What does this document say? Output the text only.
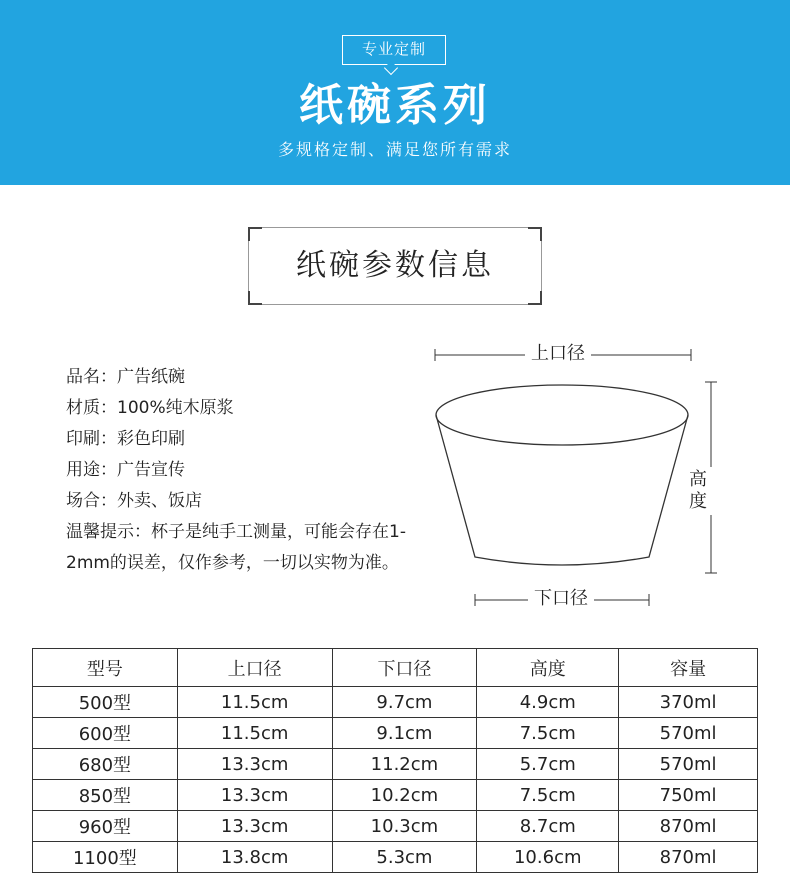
专业定制
纸碗系列
多规格定制、满足您所有需求
纸碗参数信息
品名：广告纸碗
材质：100%纯木原浆
印刷：彩色印刷
用途：广告宣传
场合：外卖、饭店
温馨提示：杯子是纯手工测量，可能会存在1-2mm的误差，仅作参考，一切以实物为准。
上口径
高度
下口径
型号	上口径	下口径	高度	容量
500型	11.5cm	9.7cm	4.9cm	370ml
600型	11.5cm	9.1cm	7.5cm	570ml
680型	13.3cm	11.2cm	5.7cm	570ml
850型	13.3cm	10.2cm	7.5cm	750ml
960型	13.3cm	10.3cm	8.7cm	870ml
1100型	13.8cm	5.3cm	10.6cm	870ml
